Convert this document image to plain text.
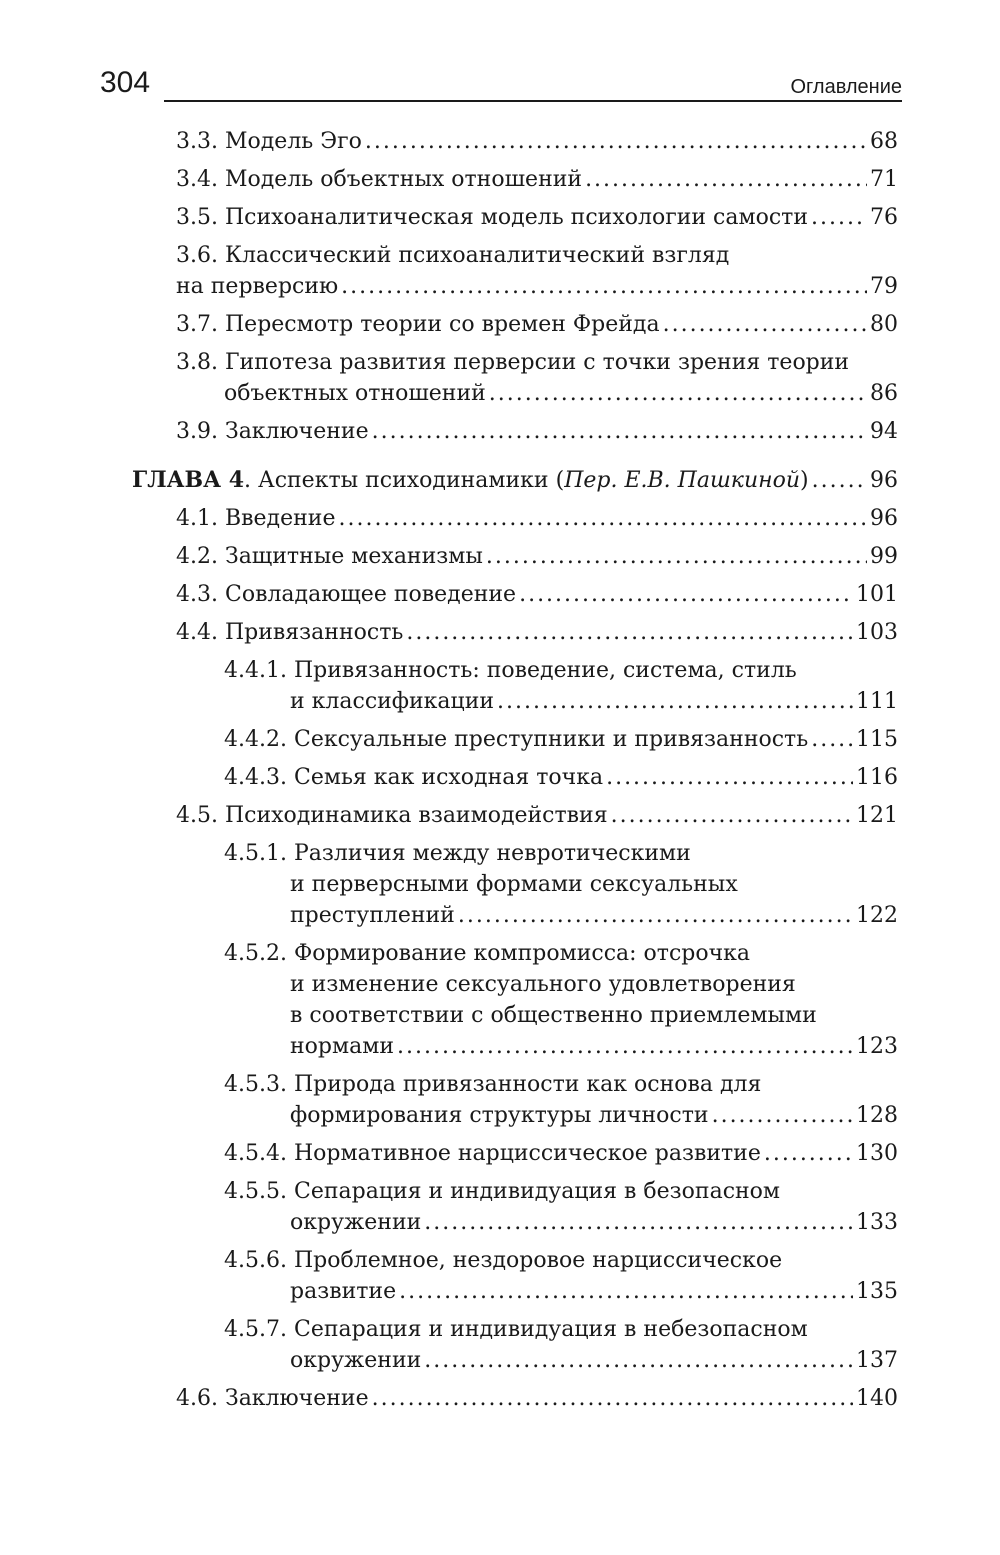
304	Оглавление
3.3. Модель Эго .....	68
3.4. Модель объектных отношений .....	71
3.5. Психоаналитическая модель психологии самости .....	76
3.6. Классический психоаналитический взгляд
на перверсию .....	79
3.7. Пересмотр теории со времен Фрейда .....	80
3.8. Гипотеза развития перверсии с точки зрения теории
объектных отношений .....	86
3.9. Заключение .....	94
ГЛАВА 4. Аспекты психодинамики (Пер. Е.В. Пашкиной) .....	96
4.1. Введение .....	96
4.2. Защитные механизмы .....	99
4.3. Совладающее поведение .....	101
4.4. Привязанность .....	103
4.4.1. Привязанность: поведение, система, стиль
и классификации .....	111
4.4.2. Сексуальные преступники и привязанность ..... 115
4.4.3. Семья как исходная точка .....	116
4.5. Психодинамика взаимодействия .....	121
4.5.1. Различия между невротическими
и перверсными формами сексуальных
преступлений .....	122
4.5.2. Формирование компромисса: отсрочка
и изменение сексуального удовлетворения
в соответствии с общественно приемлемыми
нормами .....	123
4.5.3. Природа привязанности как основа для
формирования структуры личности .....	128
4.5.4. Нормативное нарциссическое развитие .....	130
4.5.5. Сепарация и индивидуация в безопасном
окружении .....	133
4.5.6. Проблемное, нездоровое нарциссическое
развитие .....	135
4.5.7. Сепарация и индивидуация в небезопасном
окружении .....	137
4.6. Заключение .....	140
